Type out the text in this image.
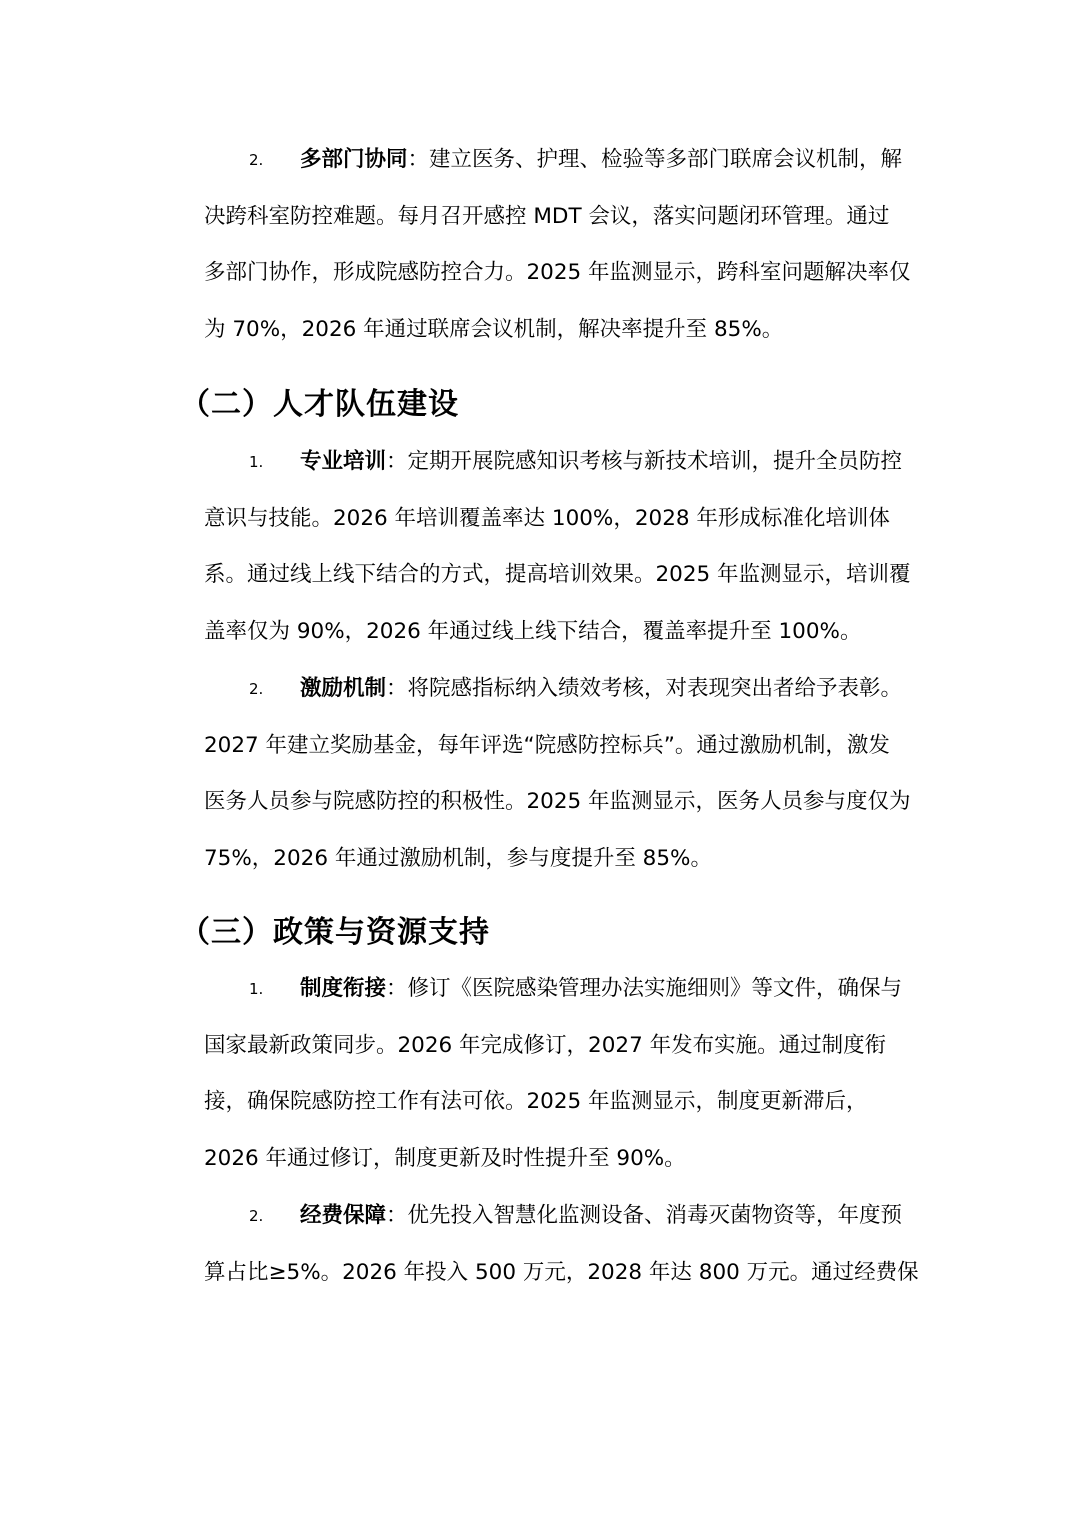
2. 多部门协同：建立医务、护理、检验等多部门联席会议机制，解
决跨科室防控难题。每月召开感控 MDT 会议，落实问题闭环管理。通过
多部门协作，形成院感防控合力。2025 年监测显示，跨科室问题解决率仅
为 70%，2026 年通过联席会议机制，解决率提升至 85%。
（二）人才队伍建设
1. 专业培训：定期开展院感知识考核与新技术培训，提升全员防控
意识与技能。2026 年培训覆盖率达 100%，2028 年形成标准化培训体
系。通过线上线下结合的方式，提高培训效果。2025 年监测显示，培训覆
盖率仅为 90%，2026 年通过线上线下结合，覆盖率提升至 100%。
2. 激励机制：将院感指标纳入绩效考核，对表现突出者给予表彰。
2027 年建立奖励基金，每年评选“院感防控标兵”。通过激励机制，激发
医务人员参与院感防控的积极性。2025 年监测显示，医务人员参与度仅为
75%，2026 年通过激励机制，参与度提升至 85%。
（三）政策与资源支持
1. 制度衔接：修订《医院感染管理办法实施细则》等文件，确保与
国家最新政策同步。2026 年完成修订，2027 年发布实施。通过制度衔
接，确保院感防控工作有法可依。2025 年监测显示，制度更新滞后，
2026 年通过修订，制度更新及时性提升至 90%。
2. 经费保障：优先投入智慧化监测设备、消毒灭菌物资等，年度预
算占比≥5%。2026 年投入 500 万元，2028 年达 800 万元。通过经费保
